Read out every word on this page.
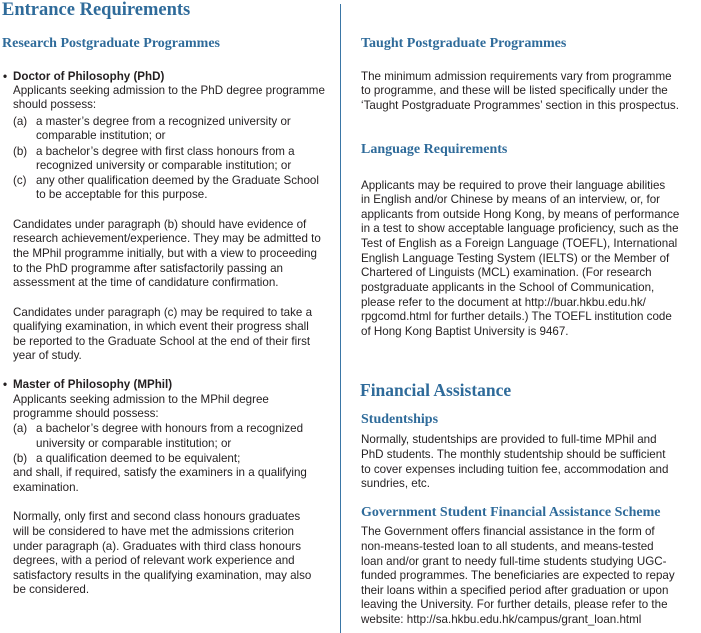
Entrance Requirements
Research Postgraduate Programmes
• Doctor of Philosophy (PhD)
Applicants seeking admission to the PhD degree programme
should possess:
(a) a master’s degree from a recognized university or
comparable institution; or
(b) a bachelor’s degree with first class honours from a
recognized university or comparable institution; or
(c) any other qualification deemed by the Graduate School
to be acceptable for this purpose.
Candidates under paragraph (b) should have evidence of
research achievement/experience. They may be admitted to
the MPhil programme initially, but with a view to proceeding
to the PhD programme after satisfactorily passing an
assessment at the time of candidature confirmation.
Candidates under paragraph (c) may be required to take a
qualifying examination, in which event their progress shall
be reported to the Graduate School at the end of their first
year of study.
• Master of Philosophy (MPhil)
Applicants seeking admission to the MPhil degree
programme should possess:
(a) a bachelor’s degree with honours from a recognized
university or comparable institution; or
(b) a qualification deemed to be equivalent;
and shall, if required, satisfy the examiners in a qualifying
examination.
Normally, only first and second class honours graduates
will be considered to have met the admissions criterion
under paragraph (a). Graduates with third class honours
degrees, with a period of relevant work experience and
satisfactory results in the qualifying examination, may also
be considered.
Taught Postgraduate Programmes
The minimum admission requirements vary from programme
to programme, and these will be listed specifically under the
‘Taught Postgraduate Programmes’ section in this prospectus.
Language Requirements
Applicants may be required to prove their language abilities
in English and/or Chinese by means of an interview, or, for
applicants from outside Hong Kong, by means of performance
in a test to show acceptable language proficiency, such as the
Test of English as a Foreign Language (TOEFL), International
English Language Testing System (IELTS) or the Member of
Chartered of Linguists (MCL) examination. (For research
postgraduate applicants in the School of Communication,
please refer to the document at http://buar.hkbu.edu.hk/
rpgcomd.html for further details.) The TOEFL institution code
of Hong Kong Baptist University is 9467.
Financial Assistance
Studentships
Normally, studentships are provided to full-time MPhil and
PhD students. The monthly studentship should be sufficient
to cover expenses including tuition fee, accommodation and
sundries, etc.
Government Student Financial Assistance Scheme
The Government offers financial assistance in the form of
non-means-tested loan to all students, and means-tested
loan and/or grant to needy full-time students studying UGC-
funded programmes. The beneficiaries are expected to repay
their loans within a specified period after graduation or upon
leaving the University. For further details, please refer to the
website: http://sa.hkbu.edu.hk/campus/grant_loan.html
